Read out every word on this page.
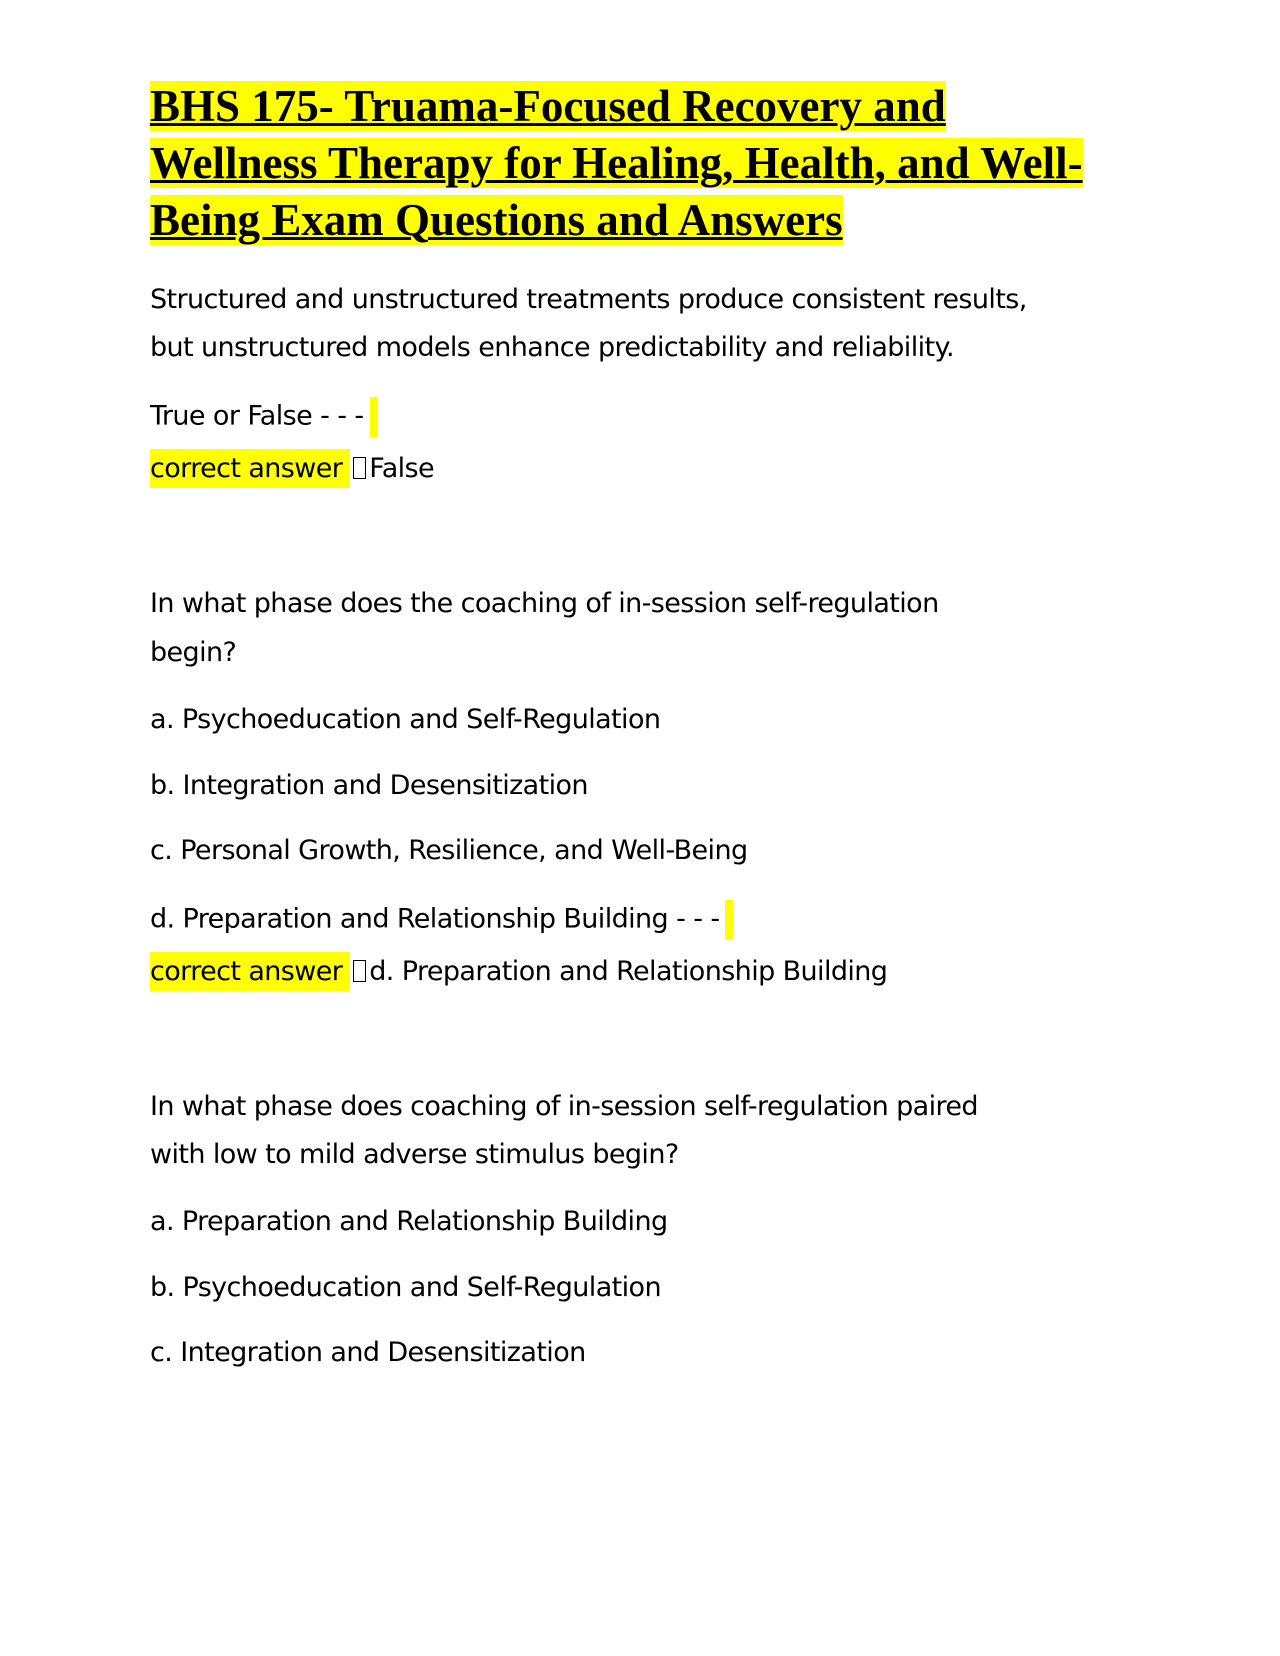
BHS 175- Truama-Focused Recovery and Wellness Therapy for Healing, Health, and Well-Being Exam Questions and Answers
Structured and unstructured treatments produce consistent results,
but unstructured models enhance predictability and reliability.
True or False - - -
correct answer False
In what phase does the coaching of in-session self-regulation
begin?
a. Psychoeducation and Self-Regulation
b. Integration and Desensitization
c. Personal Growth, Resilience, and Well-Being
d. Preparation and Relationship Building - - -
correct answer d. Preparation and Relationship Building
In what phase does coaching of in-session self-regulation paired
with low to mild adverse stimulus begin?
a. Preparation and Relationship Building
b. Psychoeducation and Self-Regulation
c. Integration and Desensitization
